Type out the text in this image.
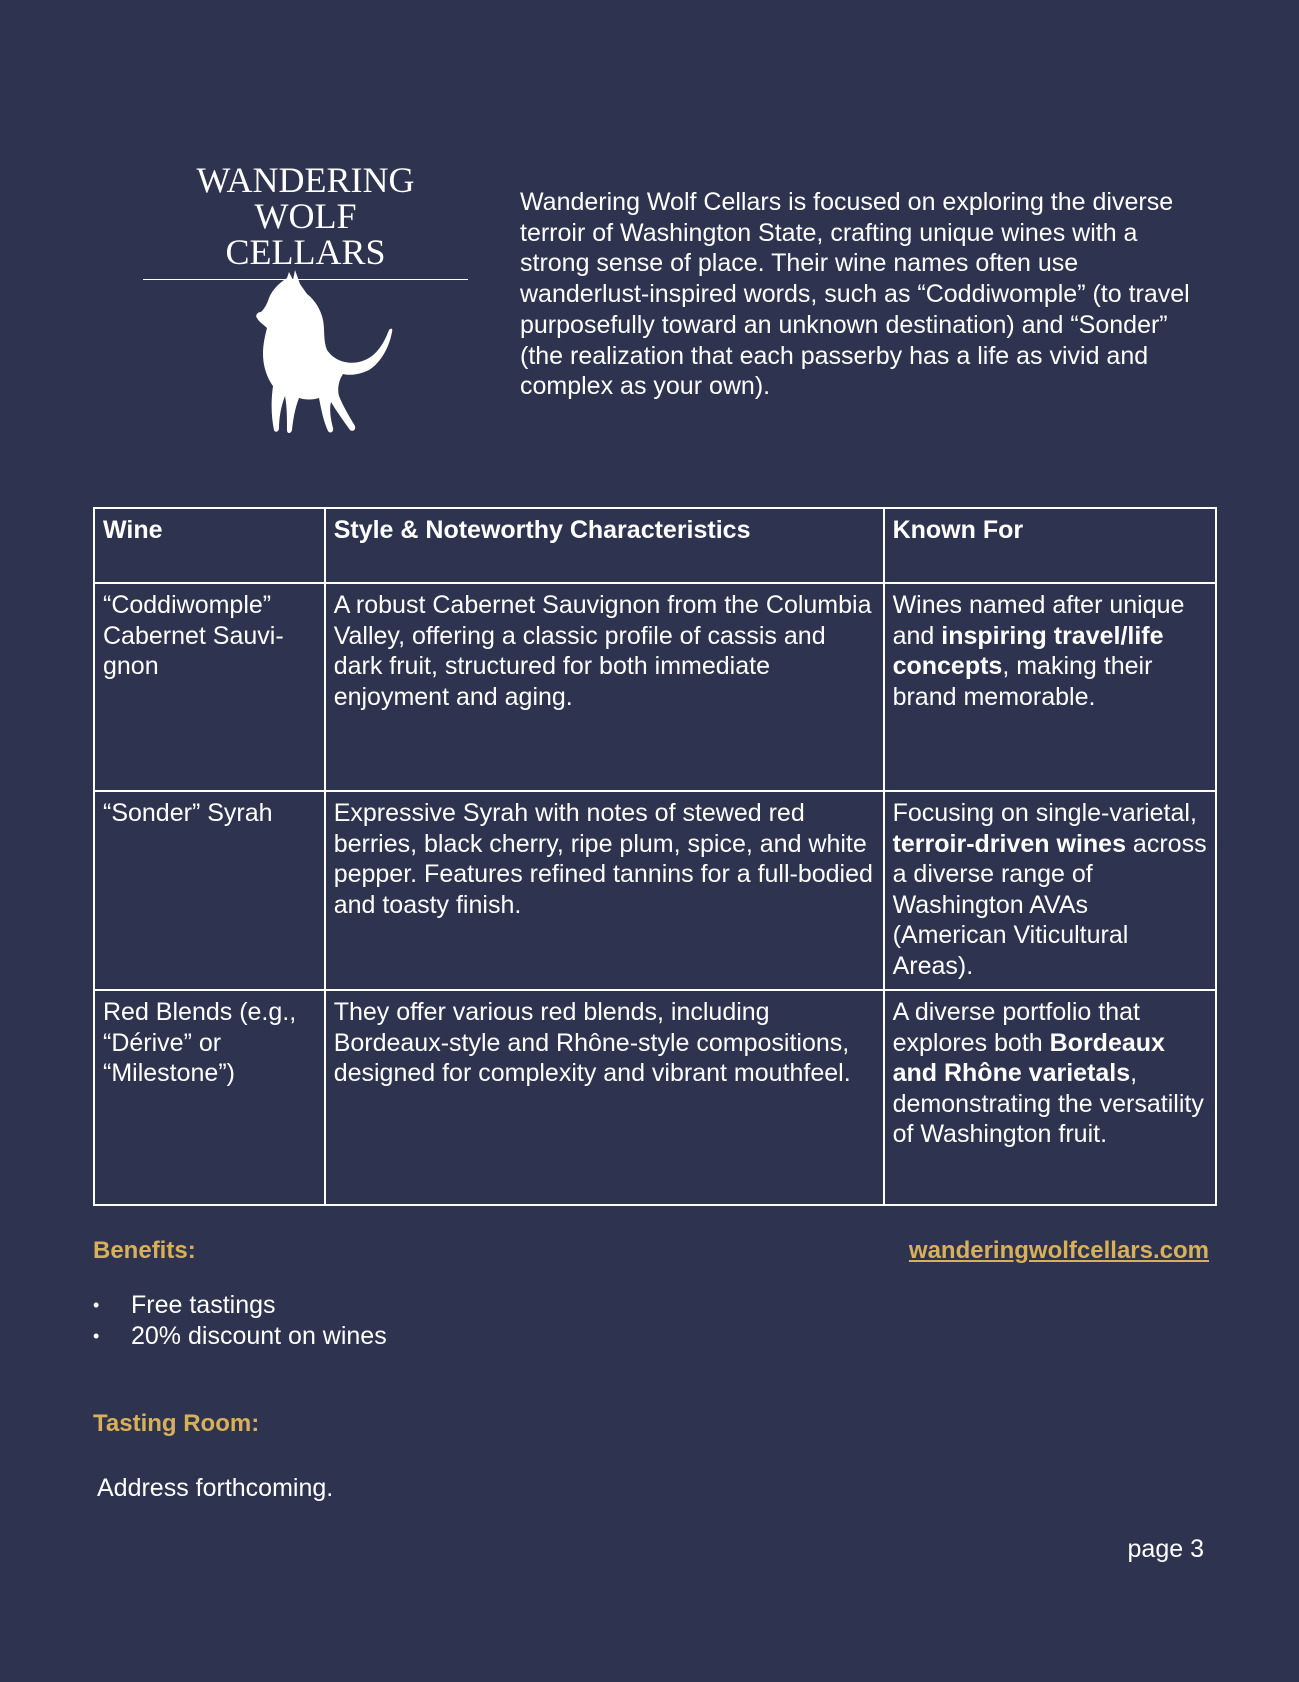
WANDERING WOLF
CELLARS

Wandering Wolf Cellars is focused on exploring the diverse terroir of Washington State, crafting unique wines with a strong sense of place. Their wine names often use wanderlust-inspired words, such as “Coddiwomple” (to travel purposefully toward an unknown destination) and “Sonder” (the realization that each passerby has a life as vivid and complex as your own).

Wine	Style & Noteworthy Characteristics	Known For
“Coddiwomple” Cabernet Sauvi-gnon	A robust Cabernet Sauvignon from the Columbia Valley, offering a classic profile of cassis and dark fruit, structured for both immediate enjoyment and aging.	Wines named after unique and inspiring travel/life concepts, making their brand memorable.
“Sonder” Syrah	Expressive Syrah with notes of stewed red berries, black cherry, ripe plum, spice, and white pepper. Features refined tannins for a full-bodied and toasty finish.	Focusing on single-varietal, terroir-driven wines across a diverse range of Washington AVAs (American Viticultural Areas).
Red Blends (e.g., “Dérive” or “Milestone”)	They offer various red blends, including Bordeaux-style and Rhône-style compositions, designed for complexity and vibrant mouthfeel.	A diverse portfolio that explores both Bordeaux and Rhône varietals, demonstrating the versatility of Washington fruit.
Benefits:	wanderingwolfcellars.com
• Free tastings
• 20% discount on wines
Tasting Room:

Address forthcoming.

page 3
